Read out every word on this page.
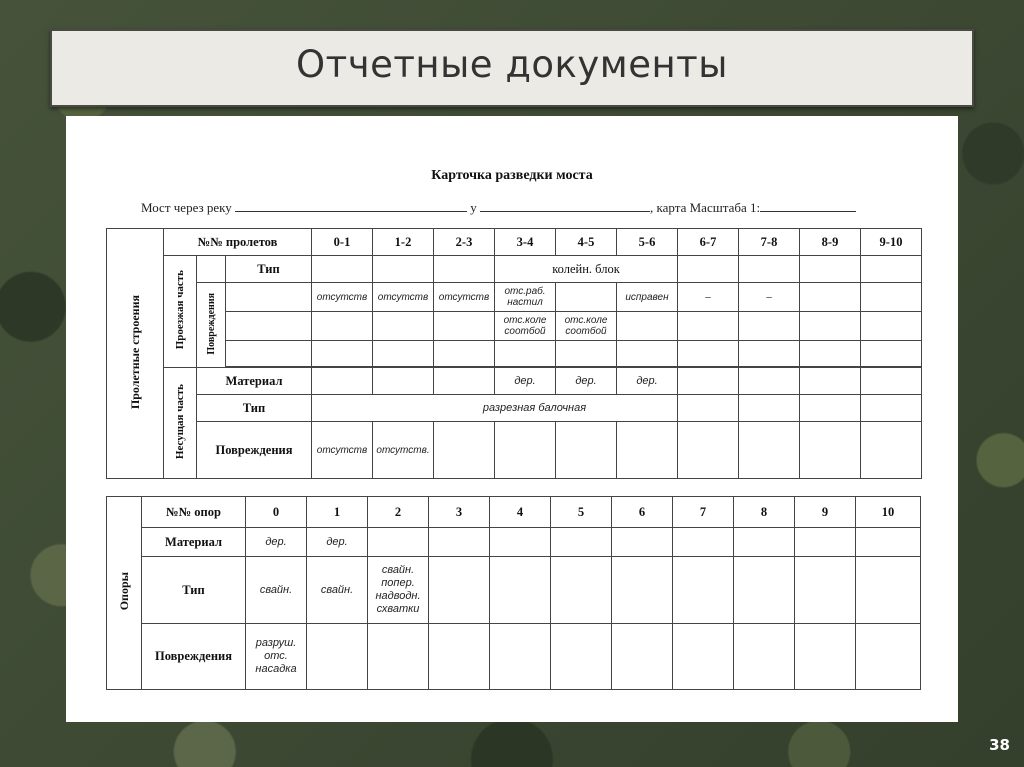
Отчетные документы
Карточка разведки моста
Мост через реку	у	, карта Масштаба 1:
Пролетные строения	№№ пролетов			0-1	1-2	2-3	3-4	4-5	5-6	6-7	7-8	8-9	9-10
	Проезжая часть		Тип				колейн. блок						
		Повреждения		отсутств	отсутств	отсутств	отс.раб. настил		исправен	–	–		
							отс.коле соотбой	отс.коле соотбой					

	Несущая часть	Материал					дер.	дер.	дер.				
		Тип		разрезная балочная									
		Повреждения		отсутств	отсутств.								
Опоры	№№ опор	0	1	2	3	4	5	6	7	8	9	10
	Материал	дер.	дер.									
	Тип	свайн.	свайн.	свайн. попер. надводн. схватки								
	Повреждения	разруш. отс. насадка										
38
